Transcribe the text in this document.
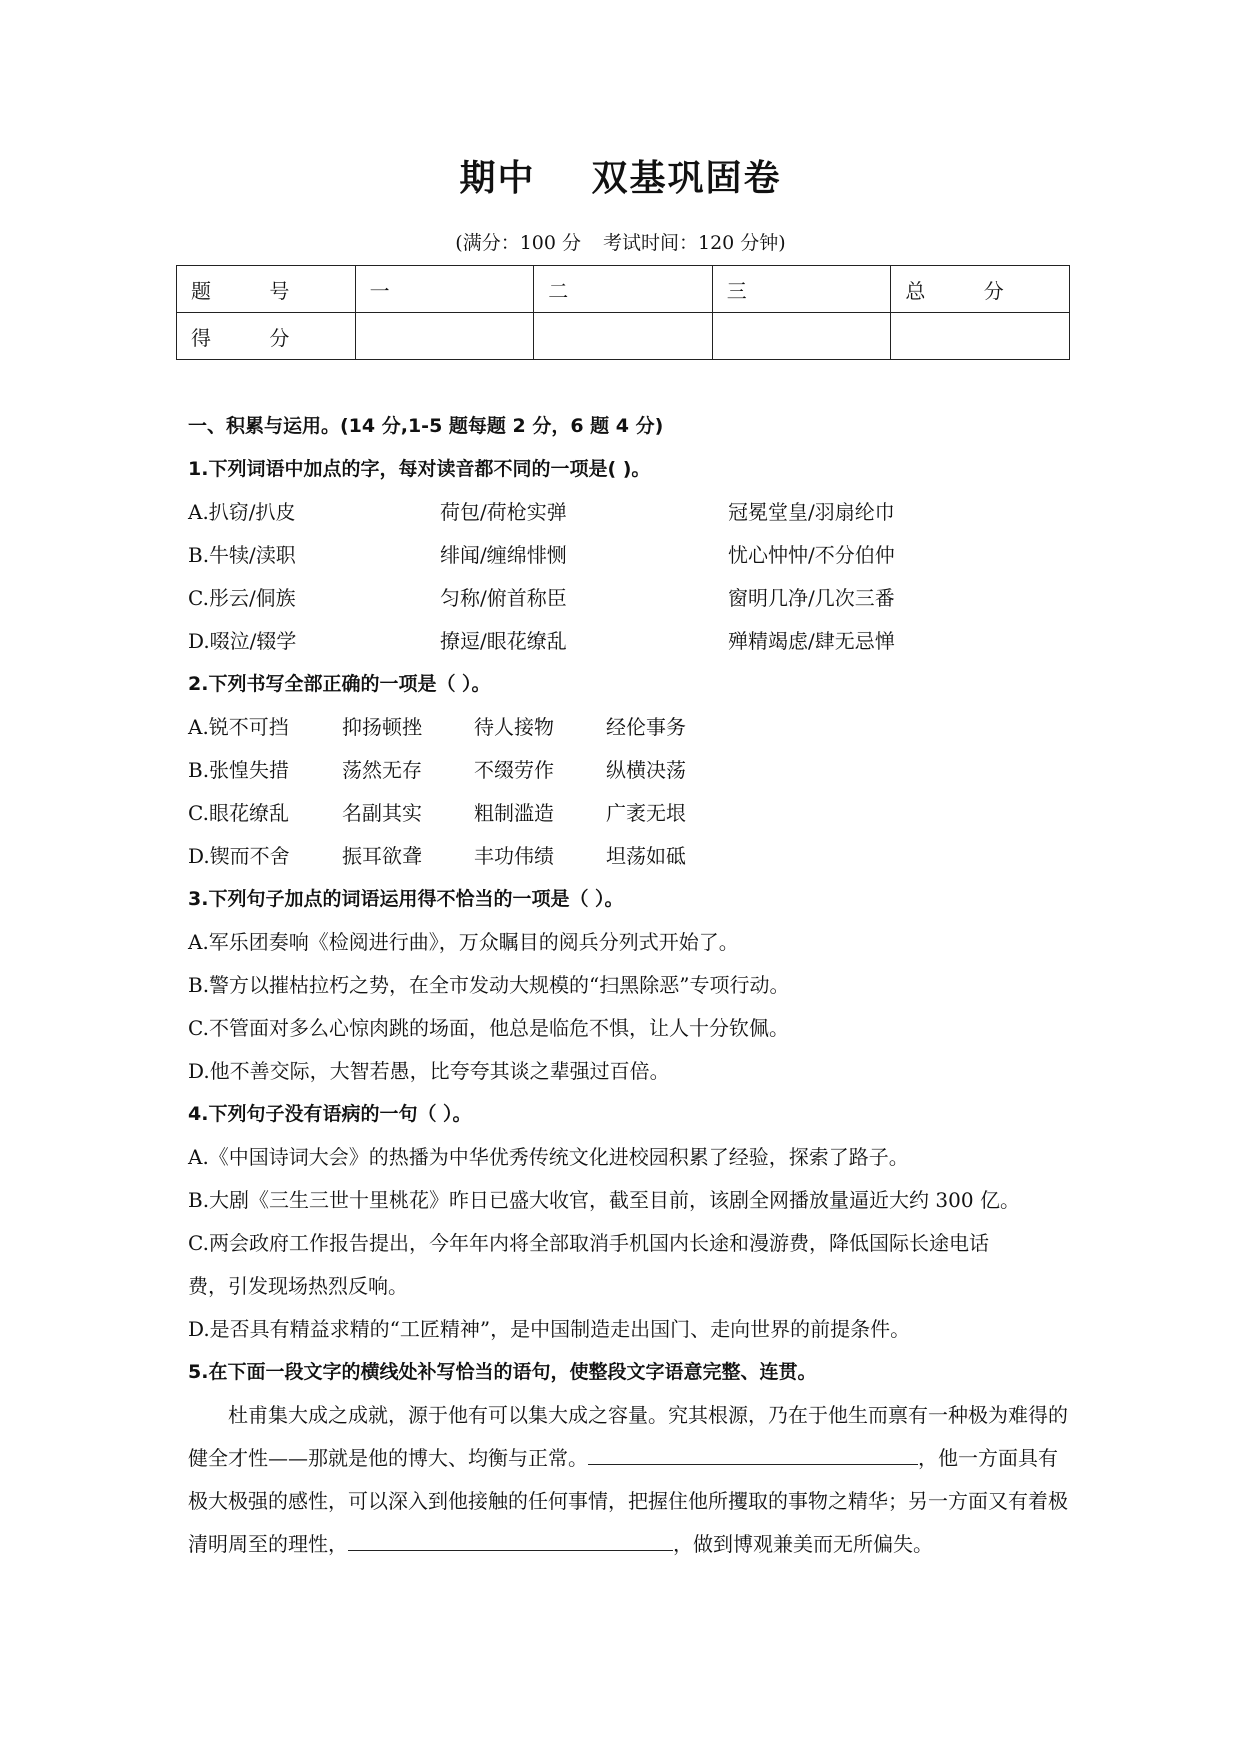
期中 双基巩固卷
(满分：100 分 考试时间：120 分钟)
题 号	一	二	三	总 分
得 分				
一、积累与运用。(14 分,1-5 题每题 2 分，6 题 4 分)
1.下列词语中加点的字，每对读音都不同的一项是( )。
A.扒窃/扒皮	荷包/荷枪实弹	冠冕堂皇/羽扇纶巾
B.牛犊/渎职	绯闻/缠绵悱恻	忧心忡忡/不分伯仲
C.彤云/侗族	匀称/俯首称臣	窗明几净/几次三番
D.啜泣/辍学	撩逗/眼花缭乱	殚精竭虑/肆无忌惮
2.下列书写全部正确的一项是（ ）。
A.锐不可挡	抑扬顿挫	待人接物	经伦事务
B.张惶失措	荡然无存	不缀劳作	纵横决荡
C.眼花缭乱	名副其实	粗制滥造	广袤无垠
D.锲而不舍	振耳欲聋	丰功伟绩	坦荡如砥
3.下列句子加点的词语运用得不恰当的一项是（ ）。
A.军乐团奏响《检阅进行曲》，万众瞩目的阅兵分列式开始了。
B.警方以摧枯拉朽之势，在全市发动大规模的“扫黑除恶”专项行动。
C.不管面对多么心惊肉跳的场面，他总是临危不惧，让人十分钦佩。
D.他不善交际，大智若愚，比夸夸其谈之辈强过百倍。
4.下列句子没有语病的一句（ ）。
A.《中国诗词大会》的热播为中华优秀传统文化进校园积累了经验，探索了路子。
B.大剧《三生三世十里桃花》昨日已盛大收官，截至目前，该剧全网播放量逼近大约 300 亿。
C.两会政府工作报告提出，今年年内将全部取消手机国内长途和漫游费，降低国际长途电话
费，引发现场热烈反响。
D.是否具有精益求精的“工匠精神”，是中国制造走出国门、走向世界的前提条件。
5.在下面一段文字的横线处补写恰当的语句，使整段文字语意完整、连贯。
杜甫集大成之成就，源于他有可以集大成之容量。究其根源，乃在于他生而禀有一种极为难得的健全才性——那就是他的博大、均衡与正常。	，他一方面具有极大极强的感性，可以深入到他接触的任何事情，把握住他所攫取的事物之精华；另一方面又有着极清明周至的理性，	，做到博观兼美而无所偏失。
